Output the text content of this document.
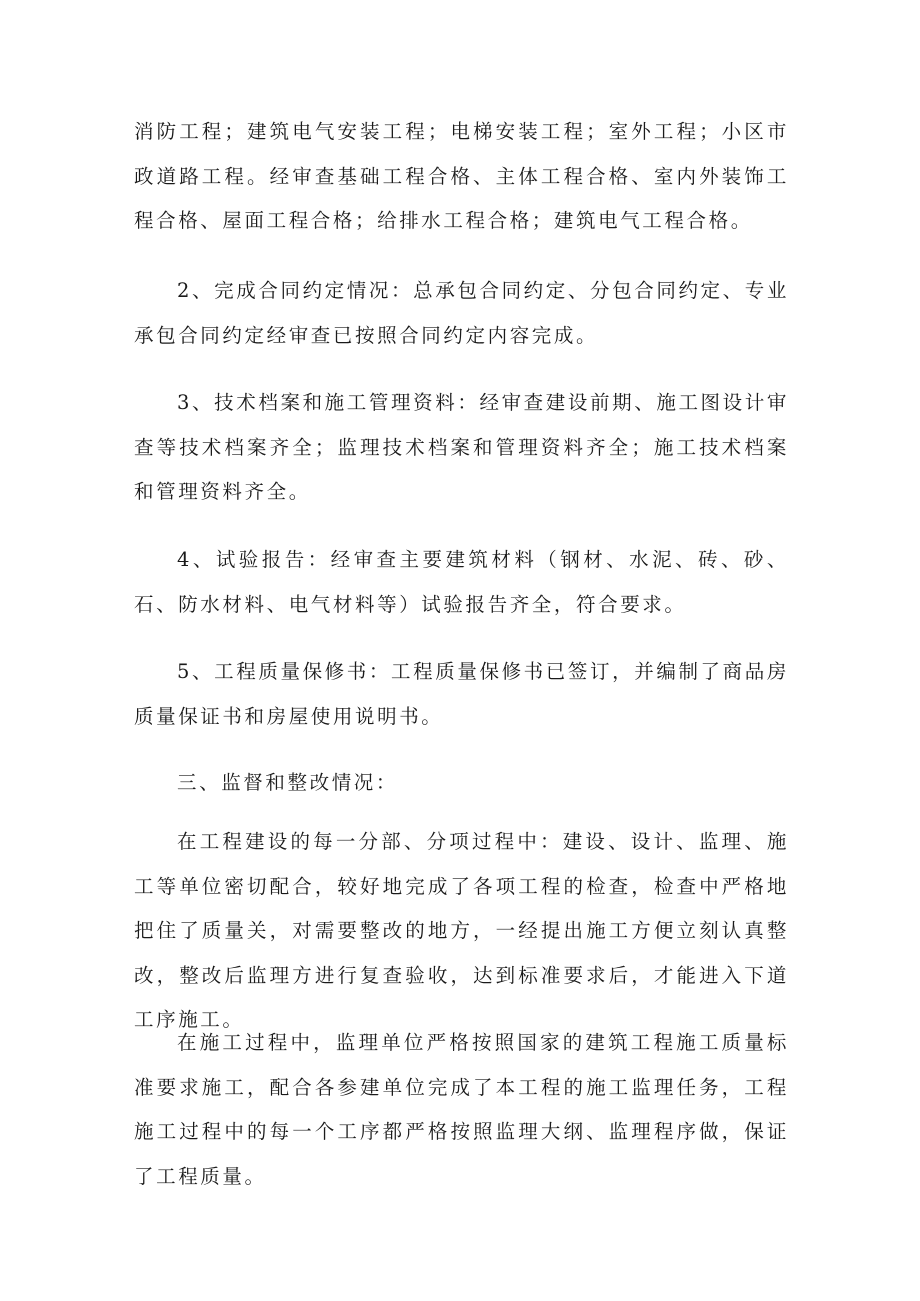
消防工程；建筑电气安装工程；电梯安装工程；室外工程；小区市政道路工程。经审查基础工程合格、主体工程合格、室内外装饰工程合格、屋面工程合格；给排水工程合格；建筑电气工程合格。

2、完成合同约定情况：总承包合同约定、分包合同约定、专业承包合同约定经审查已按照合同约定内容完成。

3、技术档案和施工管理资料：经审查建设前期、施工图设计审查等技术档案齐全；监理技术档案和管理资料齐全；施工技术档案和管理资料齐全。

4、试验报告：经审查主要建筑材料（钢材、水泥、砖、砂、石、防水材料、电气材料等）试验报告齐全，符合要求。

5、工程质量保修书：工程质量保修书已签订，并编制了商品房质量保证书和房屋使用说明书。

三、监督和整改情况：

在工程建设的每一分部、分项过程中：建设、设计、监理、施工等单位密切配合，较好地完成了各项工程的检查，检查中严格地把住了质量关，对需要整改的地方，一经提出施工方便立刻认真整改，整改后监理方进行复查验收，达到标准要求后，才能进入下道工序施工。

在施工过程中，监理单位严格按照国家的建筑工程施工质量标准要求施工，配合各参建单位完成了本工程的施工监理任务，工程施工过程中的每一个工序都严格按照监理大纲、监理程序做，保证了工程质量。
